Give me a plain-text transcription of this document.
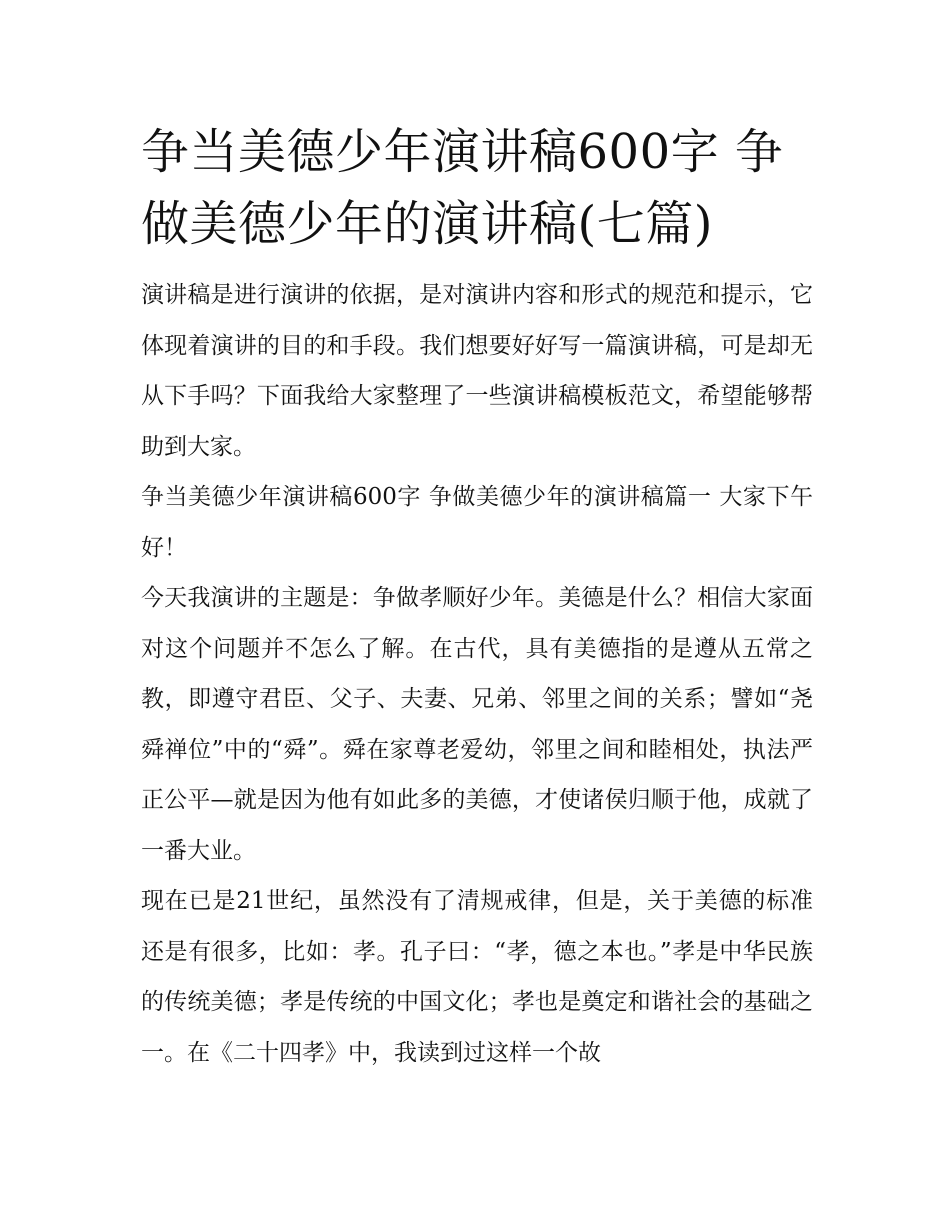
争当美德少年演讲稿600字 争做美德少年的演讲稿(七篇)

演讲稿是进行演讲的依据，是对演讲内容和形式的规范和提示，它体现着演讲的目的和手段。我们想要好好写一篇演讲稿，可是却无从下手吗？下面我给大家整理了一些演讲稿模板范文，希望能够帮助到大家。

争当美德少年演讲稿600字 争做美德少年的演讲稿篇一 大家下午好！

今天我演讲的主题是：争做孝顺好少年。美德是什么？相信大家面对这个问题并不怎么了解。在古代，具有美德指的是遵从五常之教，即遵守君臣、父子、夫妻、兄弟、邻里之间的关系；譬如“尧舜禅位”中的“舜”。舜在家尊老爱幼，邻里之间和睦相处，执法严正公平—就是因为他有如此多的美德，才使诸侯归顺于他，成就了一番大业。

现在已是21世纪，虽然没有了清规戒律，但是，关于美德的标准还是有很多，比如：孝。孔子曰：“孝，德之本也。”孝是中华民族的传统美德；孝是传统的中国文化；孝也是奠定和谐社会的基础之一。在《二十四孝》中，我读到过这样一个故
